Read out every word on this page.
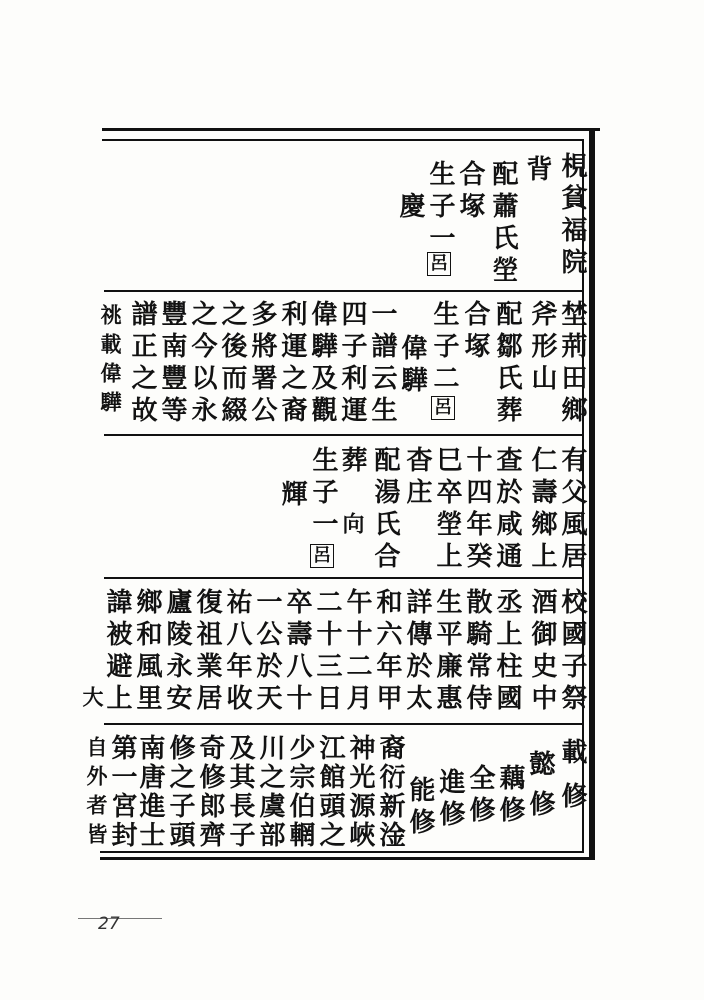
梘貧福院
背
配蕭氏塋
合塚
生子一
呂
慶
埜荊田鄉
斧形山
配鄒氏葬
合塚
生子二
呂
偉驊
一譜云生
四子利運
偉驊及觀
利運之裔
多將署公
之後而綴
之今以永
豐南豐等
譜正之故
祧載偉驊
有父風居
仁壽鄉上
查於咸通
十四年癸
巳卒塋上
杳庄
配湯氏合
葬
向
生子一
呂
輝
校國子祭
酒御史中
丞上柱國
散騎常侍
生平廉惠
詳傳於太
和六年甲
午十二月
二十三日
卒壽八十
一公於天
祐八年收
復祖業居
廬陵永安
鄉和風里
諱被避上
大
載修
懿修
藕修
全修
進修
能修
裔衍新淦
神光源峽
江館頭之
少宗伯輞
川之虞部
及其長子
奇修郎齊
修之子頭
南唐進士
第一宮封
自外者皆
27
